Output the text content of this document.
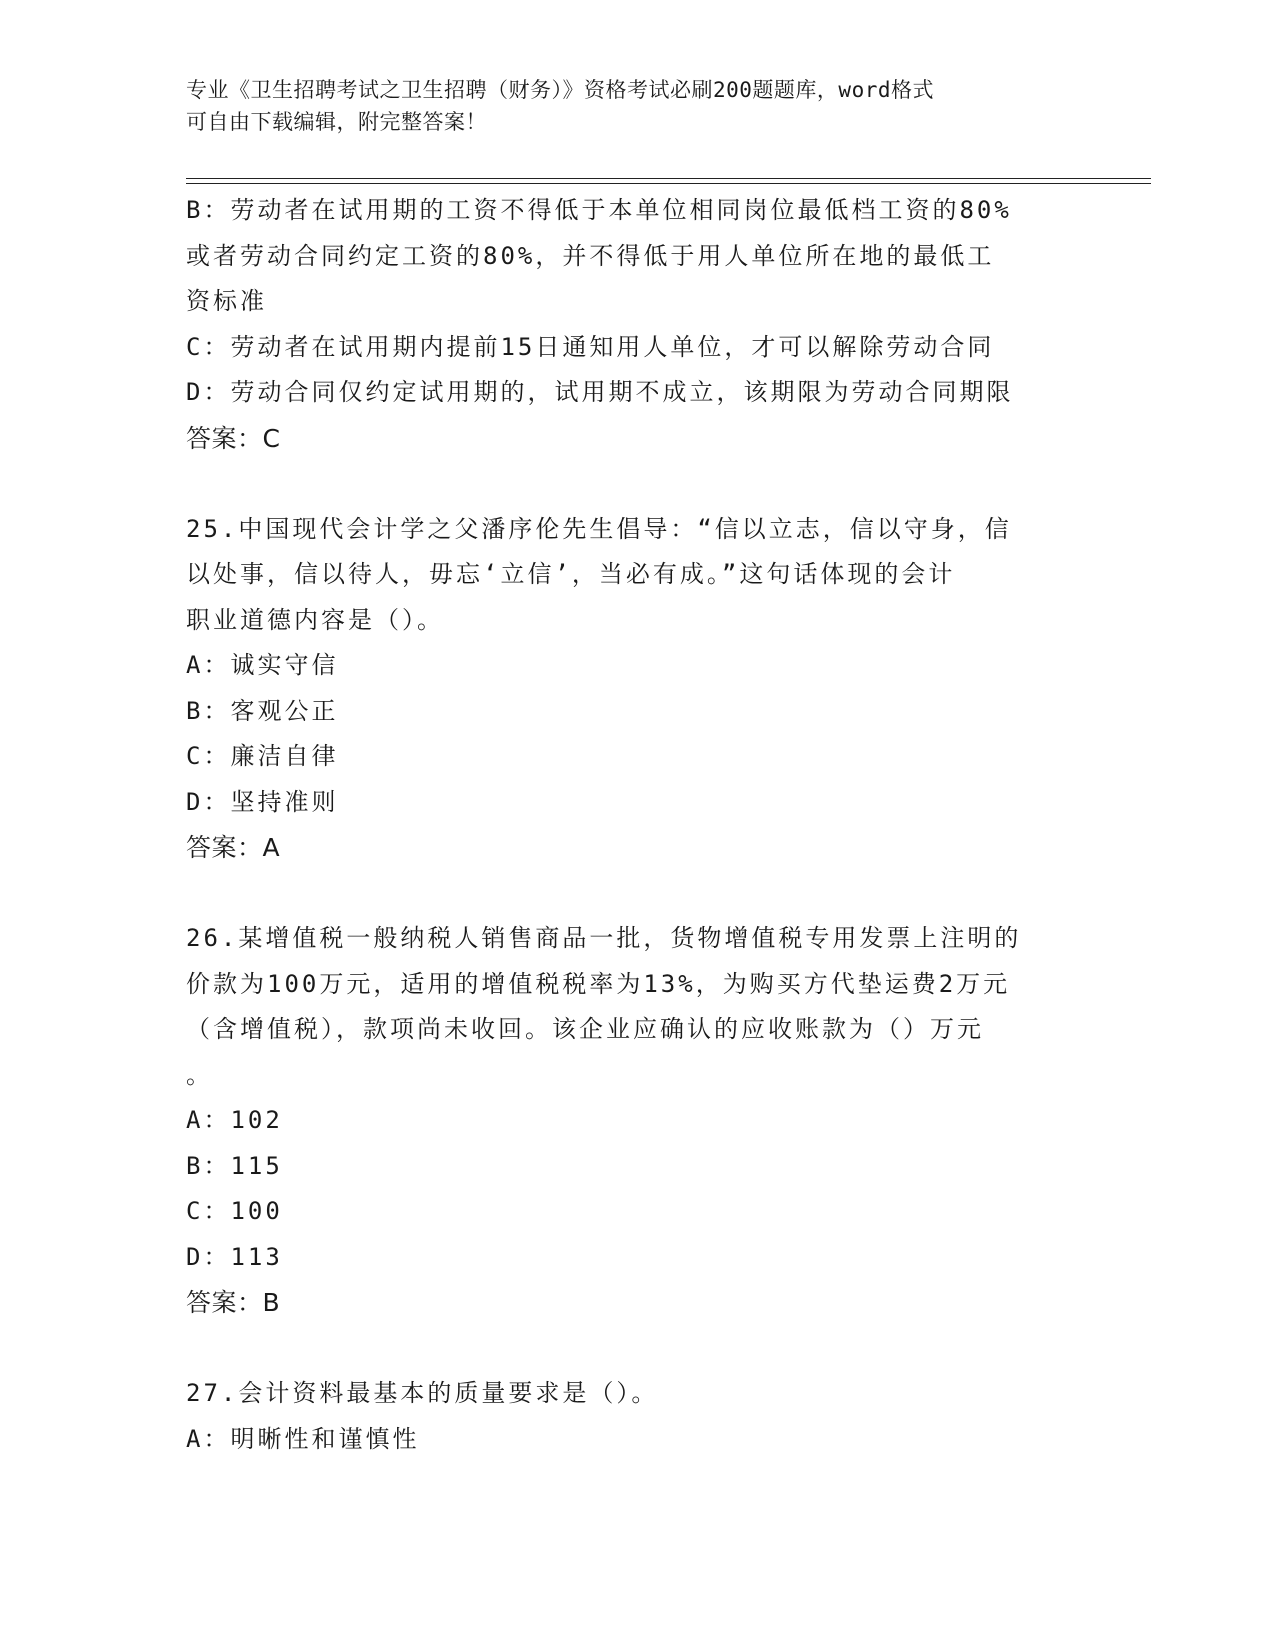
专业《卫生招聘考试之卫生招聘（财务）》资格考试必刷200题题库，word格式
可自由下载编辑，附完整答案！
B：劳动者在试用期的工资不得低于本单位相同岗位最低档工资的80%
或者劳动合同约定工资的80%，并不得低于用人单位所在地的最低工
资标准
C：劳动者在试用期内提前15日通知用人单位，才可以解除劳动合同
D：劳动合同仅约定试用期的，试用期不成立，该期限为劳动合同期限
答案：C
25.中国现代会计学之父潘序伦先生倡导：“信以立志，信以守身，信
以处事，信以待人，毋忘‘立信’，当必有成。”这句话体现的会计
职业道德内容是（）。
A：诚实守信
B：客观公正
C：廉洁自律
D：坚持准则
答案：A
26.某增值税一般纳税人销售商品一批，货物增值税专用发票上注明的
价款为100万元，适用的增值税税率为13%，为购买方代垫运费2万元
（含增值税），款项尚未收回。该企业应确认的应收账款为（）万元
。
A：102
B：115
C：100
D：113
答案：B
27.会计资料最基本的质量要求是（）。
A：明晰性和谨慎性
